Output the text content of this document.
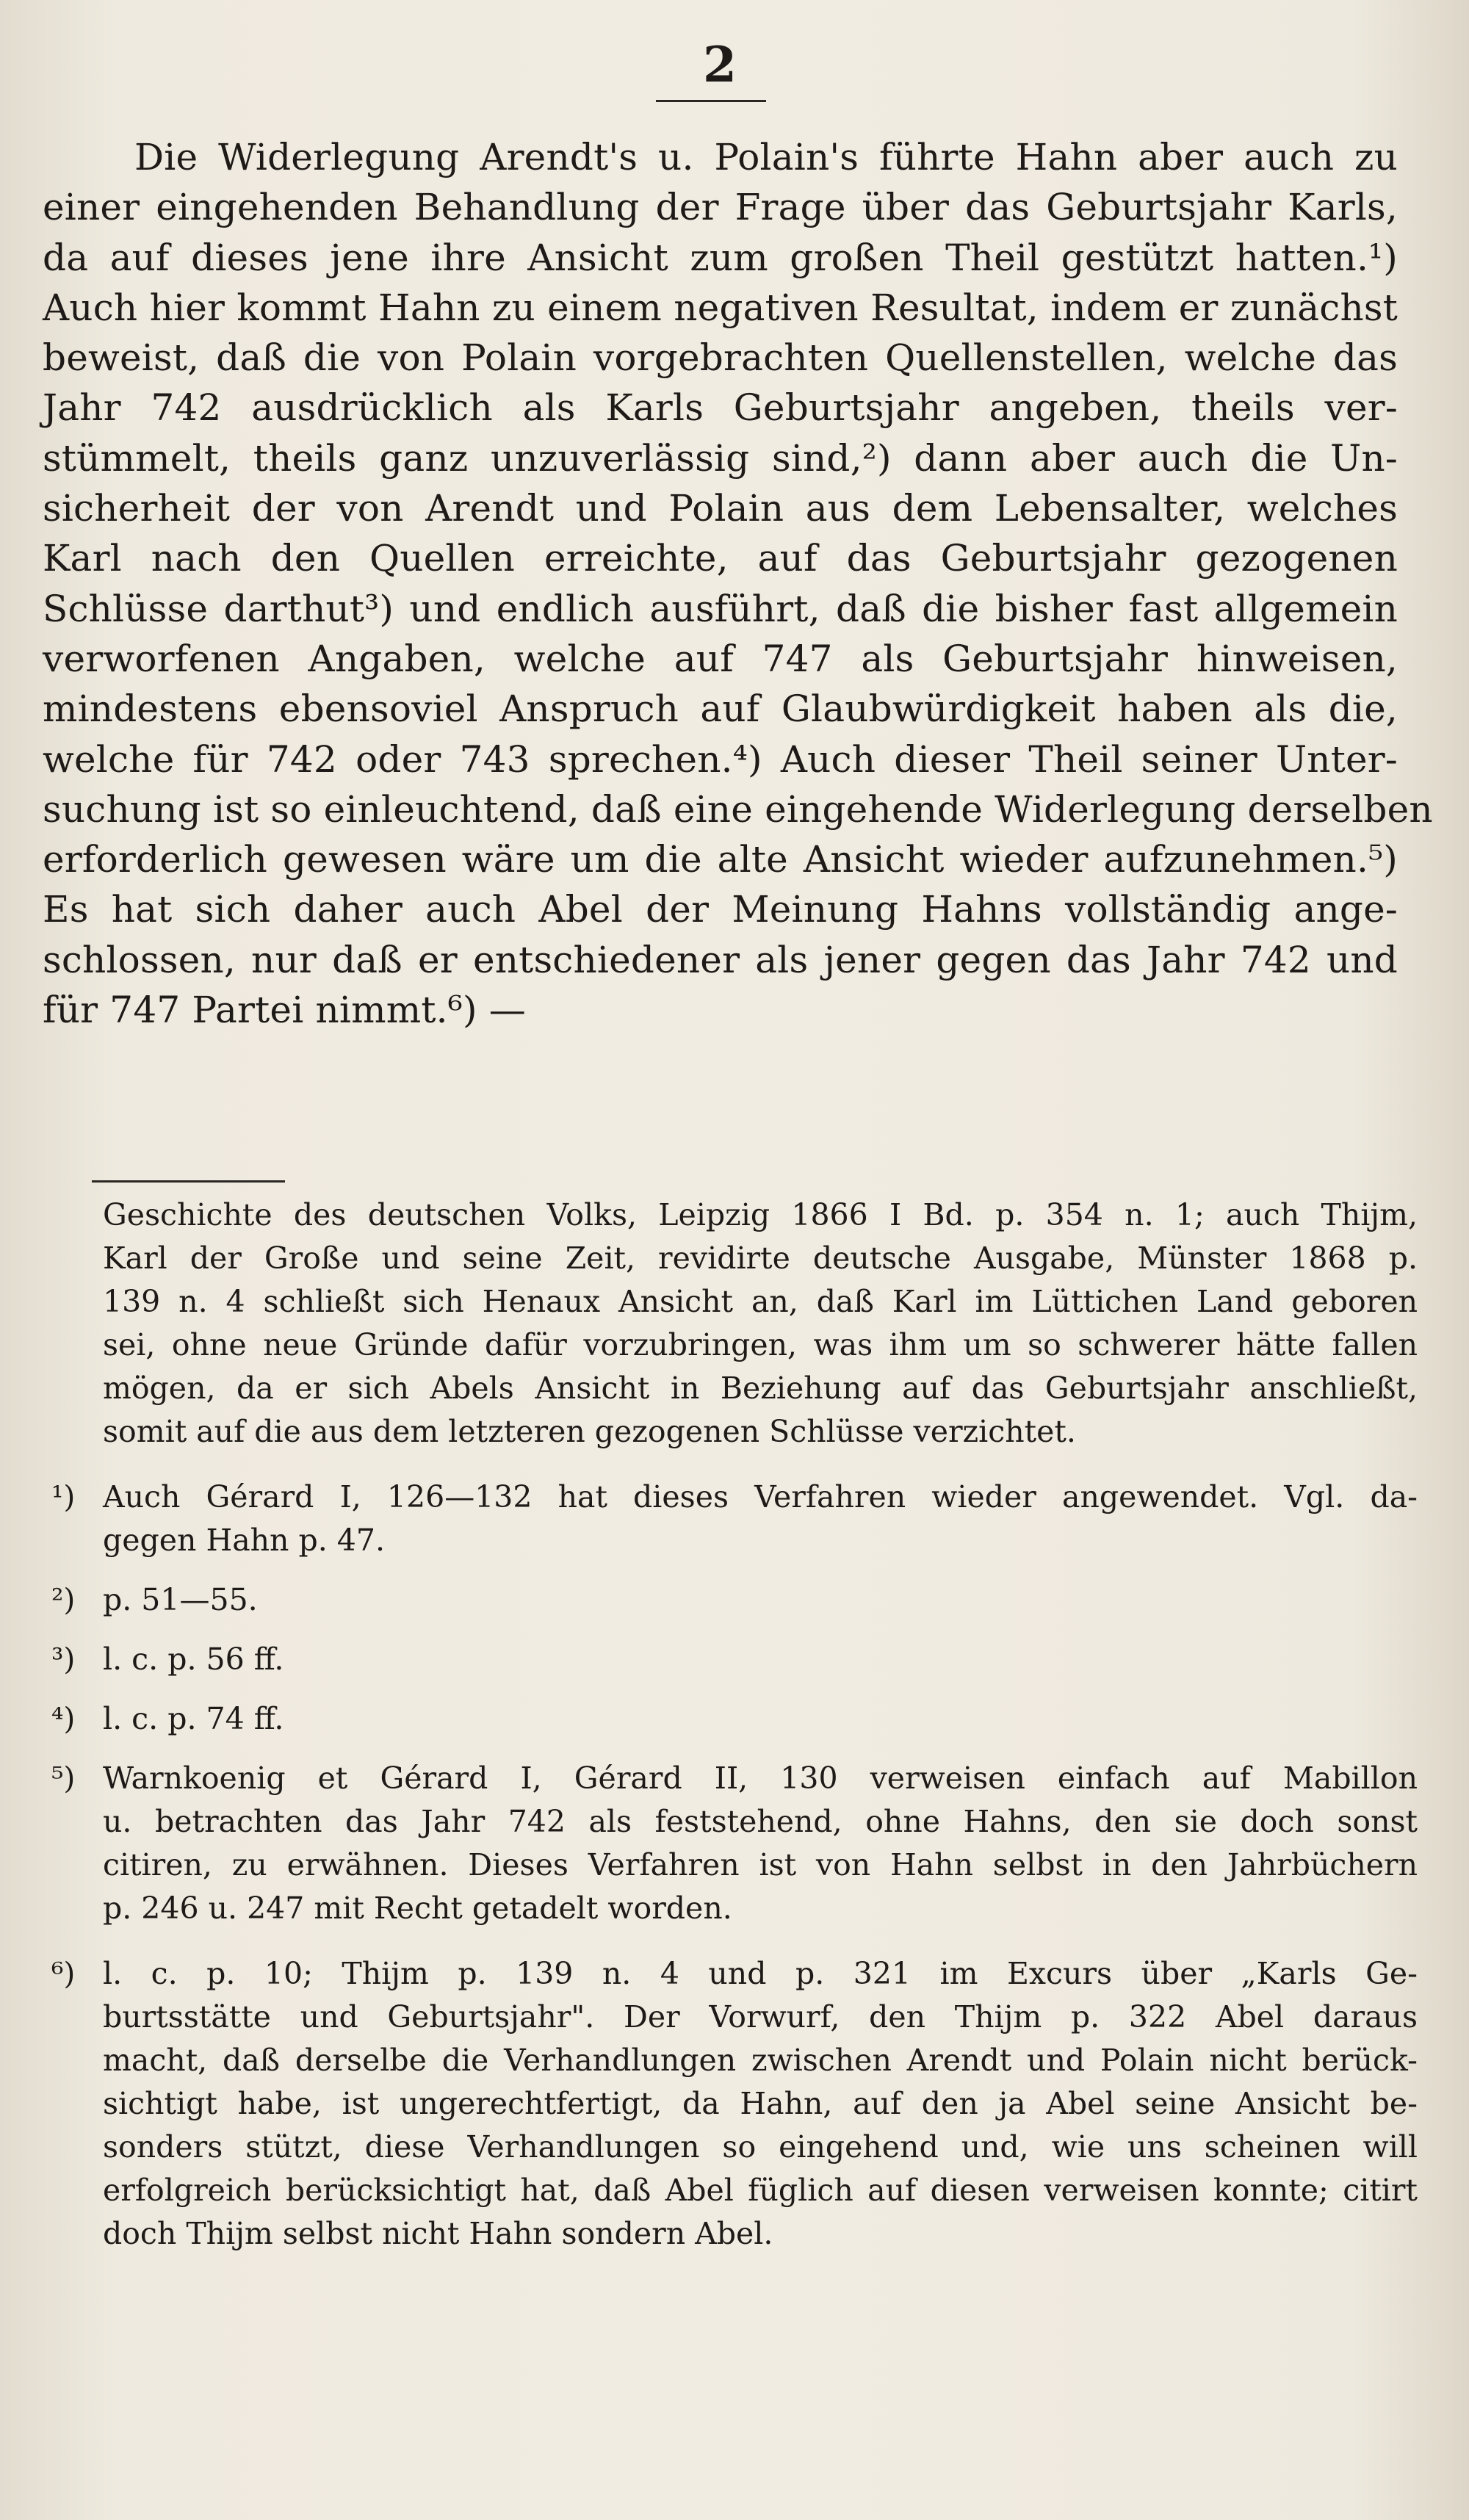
2
Die Widerlegung Arendt's u. Polain's führte Hahn aber auch zu
einer eingehenden Behandlung der Frage über das Geburtsjahr Karls,
da auf dieses jene ihre Ansicht zum großen Theil gestützt hatten.¹)
Auch hier kommt Hahn zu einem negativen Resultat, indem er zunächst
beweist, daß die von Polain vorgebrachten Quellenstellen, welche das
Jahr 742 ausdrücklich als Karls Geburtsjahr angeben, theils ver-
stümmelt, theils ganz unzuverlässig sind,²) dann aber auch die Un-
sicherheit der von Arendt und Polain aus dem Lebensalter, welches
Karl nach den Quellen erreichte, auf das Geburtsjahr gezogenen
Schlüsse darthut³) und endlich ausführt, daß die bisher fast allgemein
verworfenen Angaben, welche auf 747 als Geburtsjahr hinweisen,
mindestens ebensoviel Anspruch auf Glaubwürdigkeit haben als die,
welche für 742 oder 743 sprechen.⁴) Auch dieser Theil seiner Unter-
suchung ist so einleuchtend, daß eine eingehende Widerlegung derselben
erforderlich gewesen wäre um die alte Ansicht wieder aufzunehmen.⁵)
Es hat sich daher auch Abel der Meinung Hahns vollständig ange-
schlossen, nur daß er entschiedener als jener gegen das Jahr 742 und
für 747 Partei nimmt.⁶) —
Geschichte des deutschen Volks, Leipzig 1866 I Bd. p. 354 n. 1; auch Thijm,
Karl der Große und seine Zeit, revidirte deutsche Ausgabe, Münster 1868 p.
139 n. 4 schließt sich Henaux Ansicht an, daß Karl im Lüttichen Land geboren
sei, ohne neue Gründe dafür vorzubringen, was ihm um so schwerer hätte fallen
mögen, da er sich Abels Ansicht in Beziehung auf das Geburtsjahr anschließt,
somit auf die aus dem letzteren gezogenen Schlüsse verzichtet.
¹) Auch Gérard I, 126—132 hat dieses Verfahren wieder angewendet. Vgl. da-
gegen Hahn p. 47.
²) p. 51—55.
³) l. c. p. 56 ff.
⁴) l. c. p. 74 ff.
⁵) Warnkoenig et Gérard I, Gérard II, 130 verweisen einfach auf Mabillon
u. betrachten das Jahr 742 als feststehend, ohne Hahns, den sie doch sonst
citiren, zu erwähnen. Dieses Verfahren ist von Hahn selbst in den Jahrbüchern
p. 246 u. 247 mit Recht getadelt worden.
⁶) l. c. p. 10; Thijm p. 139 n. 4 und p. 321 im Excurs über „Karls Ge-
burtsstätte und Geburtsjahr". Der Vorwurf, den Thijm p. 322 Abel daraus
macht, daß derselbe die Verhandlungen zwischen Arendt und Polain nicht berück-
sichtigt habe, ist ungerechtfertigt, da Hahn, auf den ja Abel seine Ansicht be-
sonders stützt, diese Verhandlungen so eingehend und, wie uns scheinen will
erfolgreich berücksichtigt hat, daß Abel füglich auf diesen verweisen konnte; citirt
doch Thijm selbst nicht Hahn sondern Abel.
